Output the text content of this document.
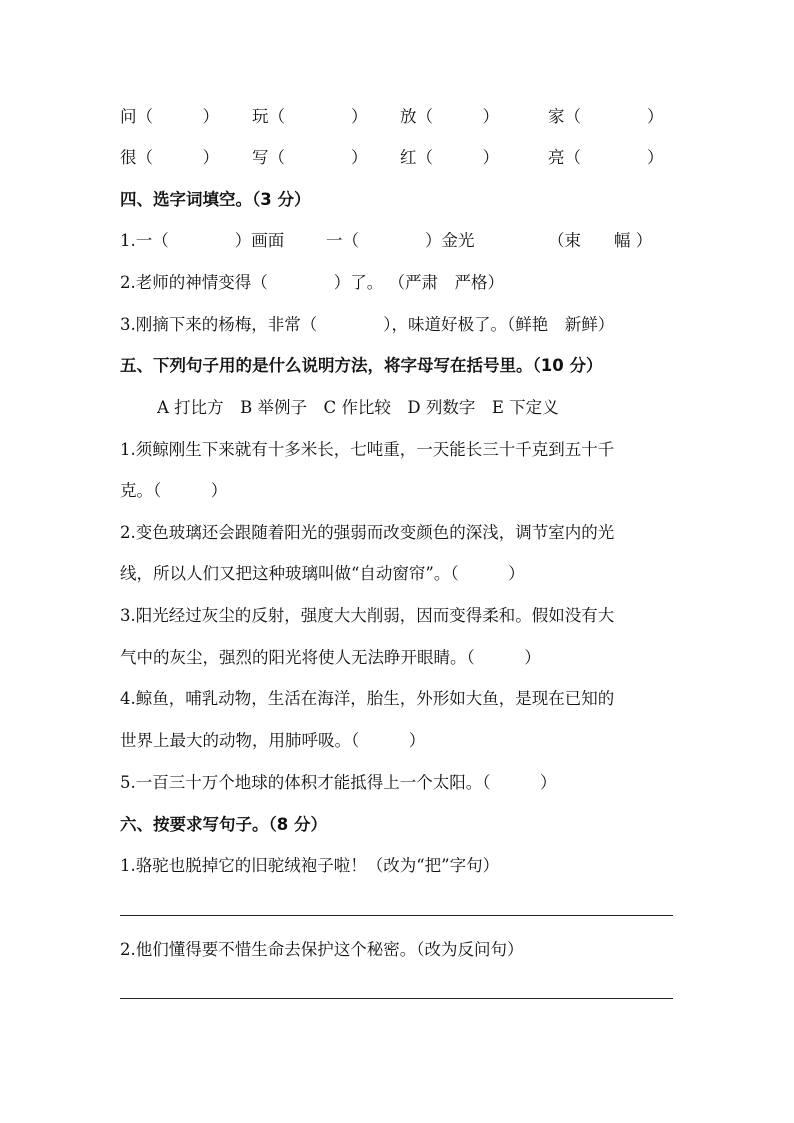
问（　　　） 玩（　　　　） 放（　　　）	家（　　　　）
很（　　　） 写（　　　　） 红（　　　）	亮（　　　　）
四、选字词填空。（3 分）
1.一（　　　　）画面	一（　　　　）金光	（束　　幅 ）
2.老师的神情变得（　　　　）了。 （严肃　严格）
3.刚摘下来的杨梅，非常（　　　　），味道好极了。（鲜艳　新鲜）
五、下列句子用的是什么说明方法，将字母写在括号里。（10 分）
A 打比方　B 举例子　C 作比较　D 列数字　E 下定义
1.须鲸刚生下来就有十多米长，七吨重，一天能长三十千克到五十千
克。（　　　）
2.变色玻璃还会跟随着阳光的强弱而改变颜色的深浅，调节室内的光
线，所以人们又把这种玻璃叫做“自动窗帘”。（　　　）
3.阳光经过灰尘的反射，强度大大削弱，因而变得柔和。假如没有大
气中的灰尘，强烈的阳光将使人无法睁开眼睛。（　　　）
4.鲸鱼，哺乳动物，生活在海洋，胎生，外形如大鱼，是现在已知的
世界上最大的动物，用肺呼吸。（　　　）
5.一百三十万个地球的体积才能抵得上一个太阳。（　　　）
六、按要求写句子。（8 分）
1.骆驼也脱掉它的旧驼绒袍子啦！（改为“把”字句）
2.他们懂得要不惜生命去保护这个秘密。（改为反问句）
